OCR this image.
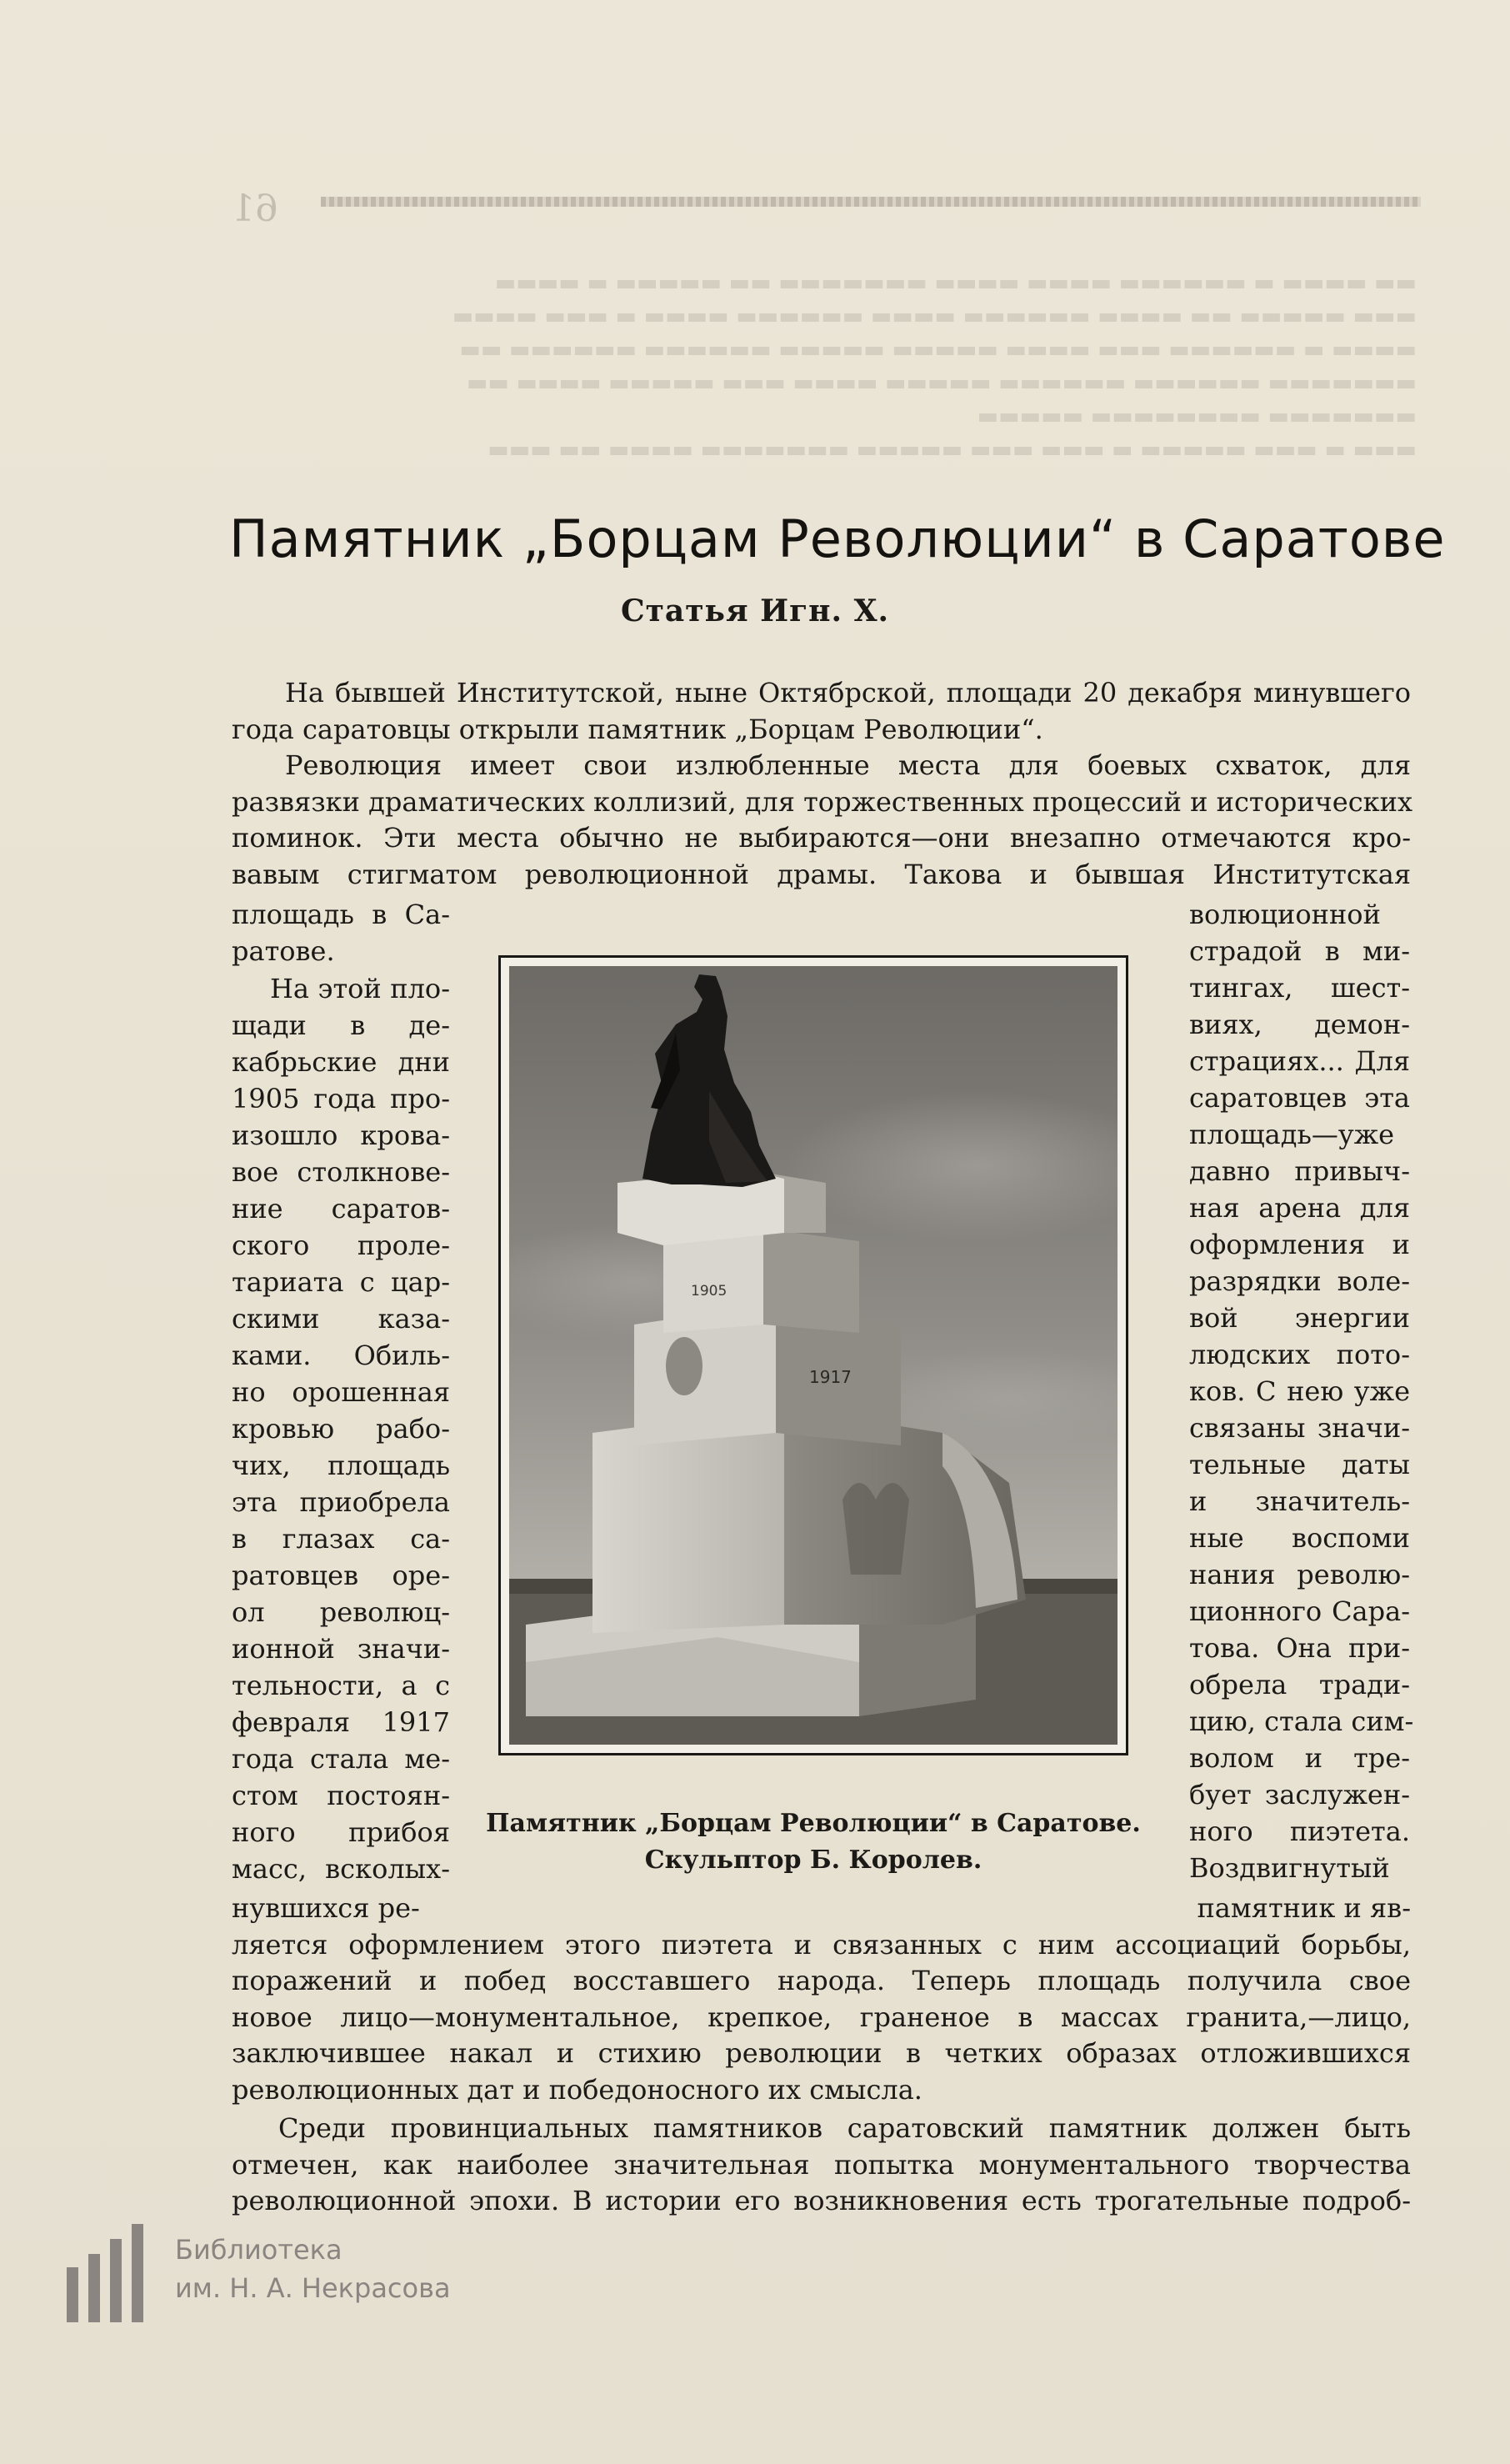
61
▬▬ ▬▬▬▬ ▬ ▬▬▬▬▬▬ ▬▬▬▬ ▬▬▬▬ ▬▬▬▬▬▬▬ ▬▬ ▬▬▬▬▬ ▬ ▬▬▬▬
▬▬▬ ▬▬▬▬▬ ▬▬ ▬▬▬▬ ▬▬▬▬▬▬ ▬▬▬▬ ▬▬▬▬▬▬ ▬▬▬▬ ▬ ▬▬▬ ▬▬▬▬
▬▬▬▬ ▬ ▬▬▬▬▬▬ ▬▬▬ ▬▬▬▬ ▬▬▬▬▬ ▬▬▬▬▬ ▬▬▬▬▬▬ ▬▬▬▬▬▬ ▬▬
▬▬▬▬▬▬▬ ▬▬▬▬▬▬ ▬▬▬▬▬▬ ▬▬▬▬▬ ▬▬▬▬ ▬▬▬ ▬▬▬▬▬ ▬▬▬▬ ▬▬
▬▬▬▬▬▬▬ ▬▬▬▬▬▬▬▬ ▬▬▬▬▬
▬▬▬ ▬ ▬▬▬ ▬▬▬▬▬ ▬ ▬▬▬ ▬▬▬ ▬▬▬▬▬ ▬▬▬▬▬▬▬ ▬▬▬▬ ▬▬ ▬▬▬
Памятник „Борцам Революции“ в Саратове

Статья Игн. Х.

На бывшей Институтской, ныне Октябрской, площади 20 декабря минувшего
года саратовцы открыли памятник „Борцам Революции“.
Революция имеет свои излюбленные места для боевых схваток, для
развязки драматических коллизий, для торжественных процессий и исторических
поминок. Эти места обычно не выбираются—они внезапно отмечаются кро-
вавым стигматом революционной драмы. Такова и бывшая Институтская
площадь в Са-
ратове.
На этой пло-
щади в де-
кабрьские дни
1905 года про-
изошло крова-
вое столкнове-
ние саратов-
ского проле-
тариата с цар-
скими каза-
ками. Обиль-
но орошенная
кровью рабо-
чих, площадь
эта приобрела
в глазах са-
ратовцев оре-
ол революц-
ионной значи-
тельности, а с
февраля 1917
года стала ме-
стом постоян-
ного прибоя
масс, всколых-
волюционной
страдой в ми-
тингах, шест-
виях, демон-
страциях... Для
саратовцев эта
площадь—уже
давно привыч-
ная арена для
оформления и
разрядки воле-
вой энергии
людских пото-
ков. С нею уже
связаны значи-
тельные даты
и значитель-
ные воспоми
нания револю-
ционного Сара-
това. Она при-
обрела тради-
цию, стала сим-
волом и тре-
бует заслужен-
ного пиэтета.
Воздвигнутый
1917
1905

Памятник „Борцам Революции“ в Саратове.
Скульптор Б. Королев.

нувшихся ре-	памятник и яв-
ляется оформлением этого пиэтета и связанных с ним ассоциаций борьбы,
поражений и побед восставшего народа. Теперь площадь получила свое
новое лицо—монументальное, крепкое, граненое в массах гранита,—лицо,
заключившее накал и стихию революции в четких образах отложившихся революционных дат и победоносного их смысла.
Среди провинциальных памятников саратовский памятник должен быть
отмечен, как наиболее значительная попытка монументального творчества
революционной эпохи. В истории его возникновения есть трогательные подроб-
Библиотека
им. Н. А. Некрасова
